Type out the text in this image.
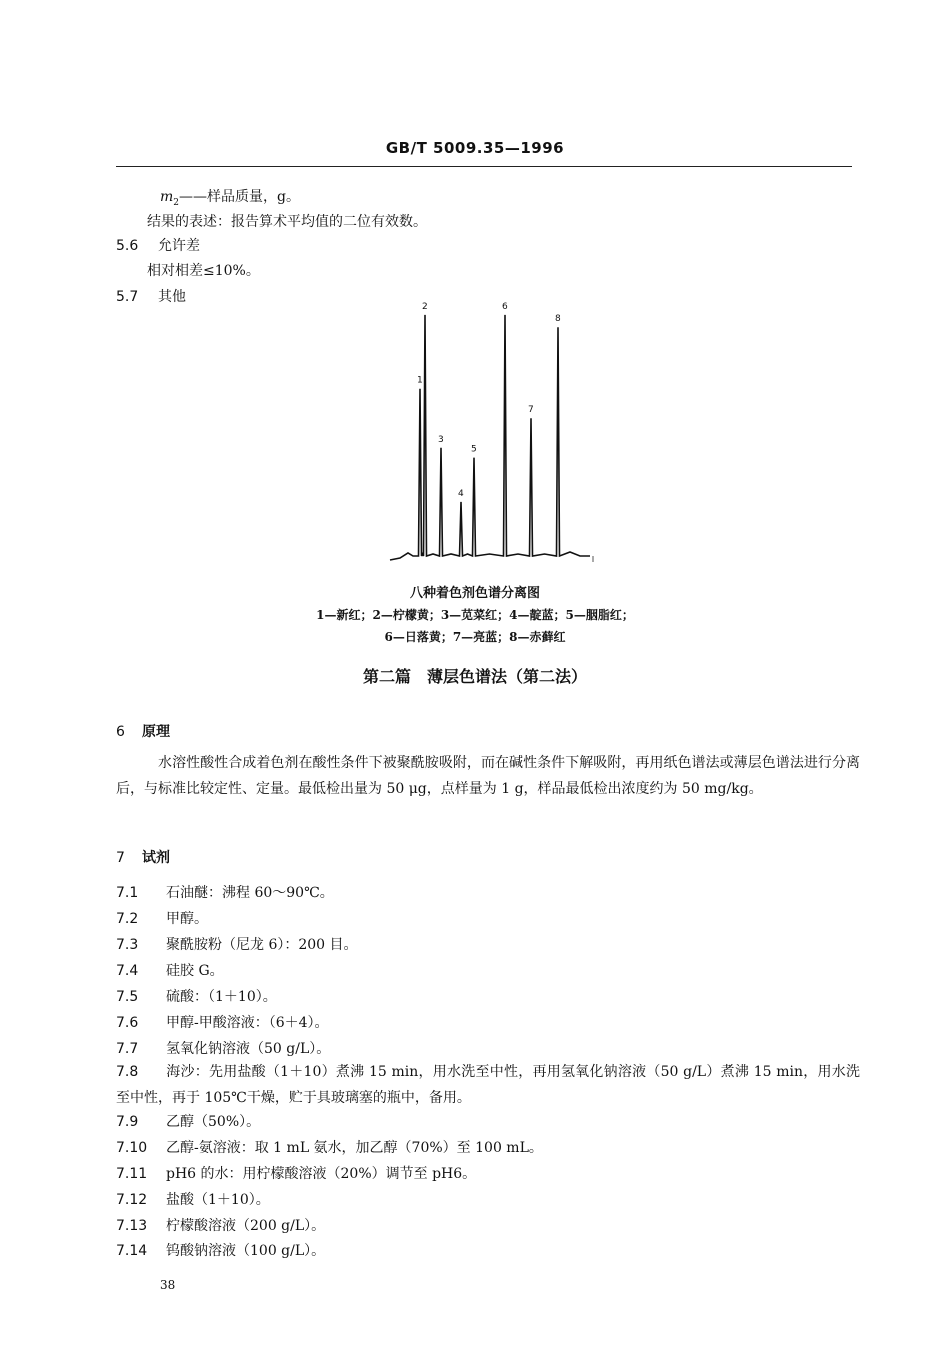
GB/T 5009.35—1996
$m_2——$样品质量，g。
结果的表述：报告算术平均值的二位有效数。
5.6 允许差
相对相差≤10%。
5.7 其他
1
2
3
4
5
6
7
8
八种着色剂色谱分离图
1—新红；2—柠檬黄；3—苋菜红；4—靛蓝；5—胭脂红；
6—日落黄；7—亮蓝；8—赤藓红
第二篇　薄层色谱法（第二法）
6 原理
水溶性酸性合成着色剂在酸性条件下被聚酰胺吸附，而在碱性条件下解吸附，再用纸色谱法或薄层色谱法进行分离后，与标准比较定性、定量。最低检出量为 50 μg，点样量为 1 g，样品最低检出浓度约为 50 mg/kg。
7 试剂
7.1 石油醚：沸程 60～90℃。
7.2 甲醇。
7.3 聚酰胺粉（尼龙 6）：200 目。
7.4 硅胶 G。
7.5 硫酸：（1＋10）。
7.6 甲醇-甲酸溶液：（6＋4）。
7.7 氢氧化钠溶液（50 g/L）。
7.8 海沙：先用盐酸（1＋10）煮沸 15 min，用水洗至中性，再用氢氧化钠溶液（50 g/L）煮沸 15 min，用水洗至中性，再于 105℃干燥，贮于具玻璃塞的瓶中，备用。
7.9 乙醇（50%）。
7.10 乙醇-氨溶液：取 1 mL 氨水，加乙醇（70%）至 100 mL。
7.11 pH6 的水：用柠檬酸溶液（20%）调节至 pH6。
7.12 盐酸（1＋10）。
7.13 柠檬酸溶液（200 g/L）。
7.14 钨酸钠溶液（100 g/L）。
38
